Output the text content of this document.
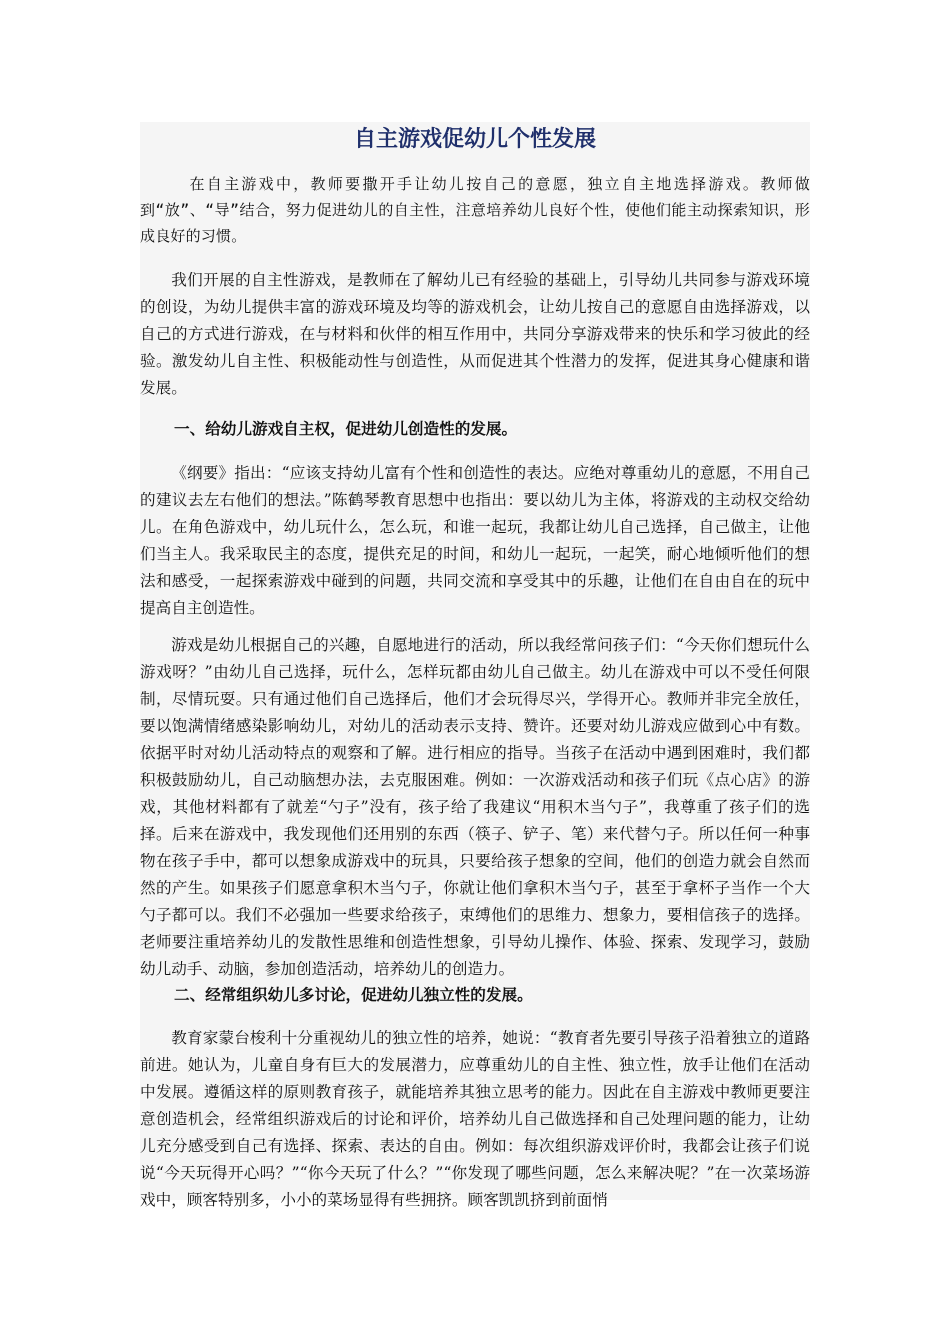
自主游戏促幼儿个性发展

在自主游戏中，教师要撒开手让幼儿按自己的意愿，独立自主地选择游戏。教师做到“放”、“导”结合，努力促进幼儿的自主性，注意培养幼儿良好个性，使他们能主动探索知识，形成良好的习惯。

我们开展的自主性游戏，是教师在了解幼儿已有经验的基础上，引导幼儿共同参与游戏环境的创设，为幼儿提供丰富的游戏环境及均等的游戏机会，让幼儿按自己的意愿自由选择游戏，以自己的方式进行游戏，在与材料和伙伴的相互作用中，共同分享游戏带来的快乐和学习彼此的经验。激发幼儿自主性、积极能动性与创造性，从而促进其个性潜力的发挥，促进其身心健康和谐发展。

一、给幼儿游戏自主权，促进幼儿创造性的发展。

《纲要》指出：“应该支持幼儿富有个性和创造性的表达。应绝对尊重幼儿的意愿，不用自己的建议去左右他们的想法。”陈鹤琴教育思想中也指出：要以幼儿为主体，将游戏的主动权交给幼儿。在角色游戏中，幼儿玩什么，怎么玩，和谁一起玩，我都让幼儿自己选择，自己做主，让他们当主人。我采取民主的态度，提供充足的时间，和幼儿一起玩，一起笑，耐心地倾听他们的想法和感受，一起探索游戏中碰到的问题，共同交流和享受其中的乐趣，让他们在自由自在的玩中提高自主创造性。

游戏是幼儿根据自己的兴趣，自愿地进行的活动，所以我经常问孩子们：“今天你们想玩什么游戏呀？”由幼儿自己选择，玩什么，怎样玩都由幼儿自己做主。幼儿在游戏中可以不受任何限制，尽情玩耍。只有通过他们自己选择后，他们才会玩得尽兴，学得开心。教师并非完全放任，要以饱满情绪感染影响幼儿，对幼儿的活动表示支持、赞许。还要对幼儿游戏应做到心中有数。依据平时对幼儿活动特点的观察和了解。进行相应的指导。当孩子在活动中遇到困难时，我们都积极鼓励幼儿，自己动脑想办法，去克服困难。例如：一次游戏活动和孩子们玩《点心店》的游戏，其他材料都有了就差“勺子”没有，孩子给了我建议“用积木当勺子”，我尊重了孩子们的选择。后来在游戏中，我发现他们还用别的东西（筷子、铲子、笔）来代替勺子。所以任何一种事物在孩子手中，都可以想象成游戏中的玩具，只要给孩子想象的空间，他们的创造力就会自然而然的产生。如果孩子们愿意拿积木当勺子，你就让他们拿积木当勺子，甚至于拿杯子当作一个大勺子都可以。我们不必强加一些要求给孩子，束缚他们的思维力、想象力，要相信孩子的选择。老师要注重培养幼儿的发散性思维和创造性想象，引导幼儿操作、体验、探索、发现学习，鼓励幼儿动手、动脑，参加创造活动，培养幼儿的创造力。

二、经常组织幼儿多讨论，促进幼儿独立性的发展。

教育家蒙台梭利十分重视幼儿的独立性的培养，她说：“教育者先要引导孩子沿着独立的道路前进。她认为，儿童自身有巨大的发展潜力，应尊重幼儿的自主性、独立性，放手让他们在活动中发展。遵循这样的原则教育孩子，就能培养其独立思考的能力。因此在自主游戏中教师更要注意创造机会，经常组织游戏后的讨论和评价，培养幼儿自己做选择和自己处理问题的能力，让幼儿充分感受到自己有选择、探索、表达的自由。例如：每次组织游戏评价时，我都会让孩子们说说“今天玩得开心吗？”“你今天玩了什么？”“你发现了哪些问题，怎么来解决呢？”在一次菜场游戏中，顾客特别多，小小的菜场显得有些拥挤。顾客凯凯挤到前面悄
